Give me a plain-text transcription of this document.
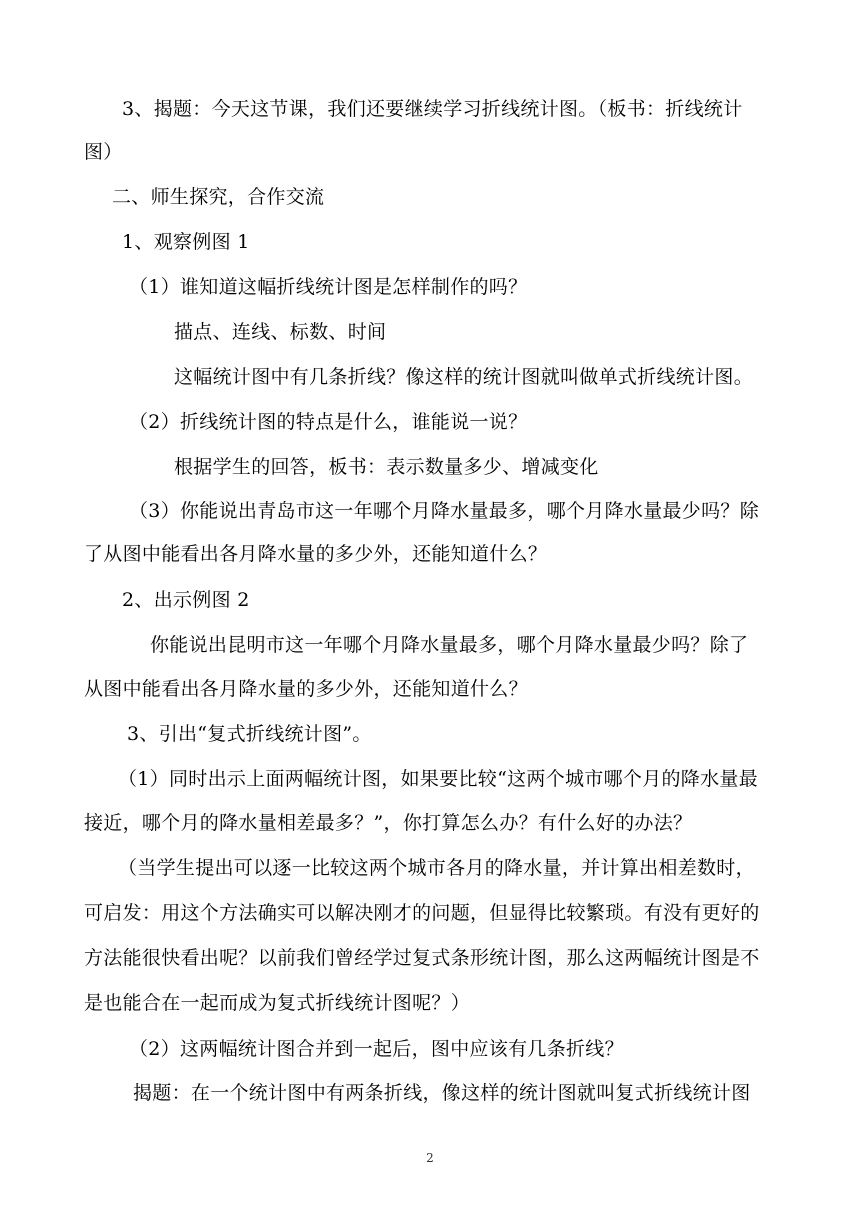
3、揭题：今天这节课，我们还要继续学习折线统计图。（板书：折线统计
图）
二、师生探究，合作交流
1、观察例图 1
（1）谁知道这幅折线统计图是怎样制作的吗？
描点、连线、标数、时间
这幅统计图中有几条折线？像这样的统计图就叫做单式折线统计图。
（2）折线统计图的特点是什么，谁能说一说？
根据学生的回答，板书：表示数量多少、增减变化
（3）你能说出青岛市这一年哪个月降水量最多，哪个月降水量最少吗？除
了从图中能看出各月降水量的多少外，还能知道什么？
2、出示例图 2
你能说出昆明市这一年哪个月降水量最多，哪个月降水量最少吗？除了
从图中能看出各月降水量的多少外，还能知道什么？
3、引出“复式折线统计图”。
（1）同时出示上面两幅统计图，如果要比较“这两个城市哪个月的降水量最
接近，哪个月的降水量相差最多？”，你打算怎么办？有什么好的办法？
（当学生提出可以逐一比较这两个城市各月的降水量，并计算出相差数时，
可启发：用这个方法确实可以解决刚才的问题，但显得比较繁琐。有没有更好的
方法能很快看出呢？以前我们曾经学过复式条形统计图，那么这两幅统计图是不
是也能合在一起而成为复式折线统计图呢？）
（2）这两幅统计图合并到一起后，图中应该有几条折线？
揭题：在一个统计图中有两条折线，像这样的统计图就叫复式折线统计图
2
